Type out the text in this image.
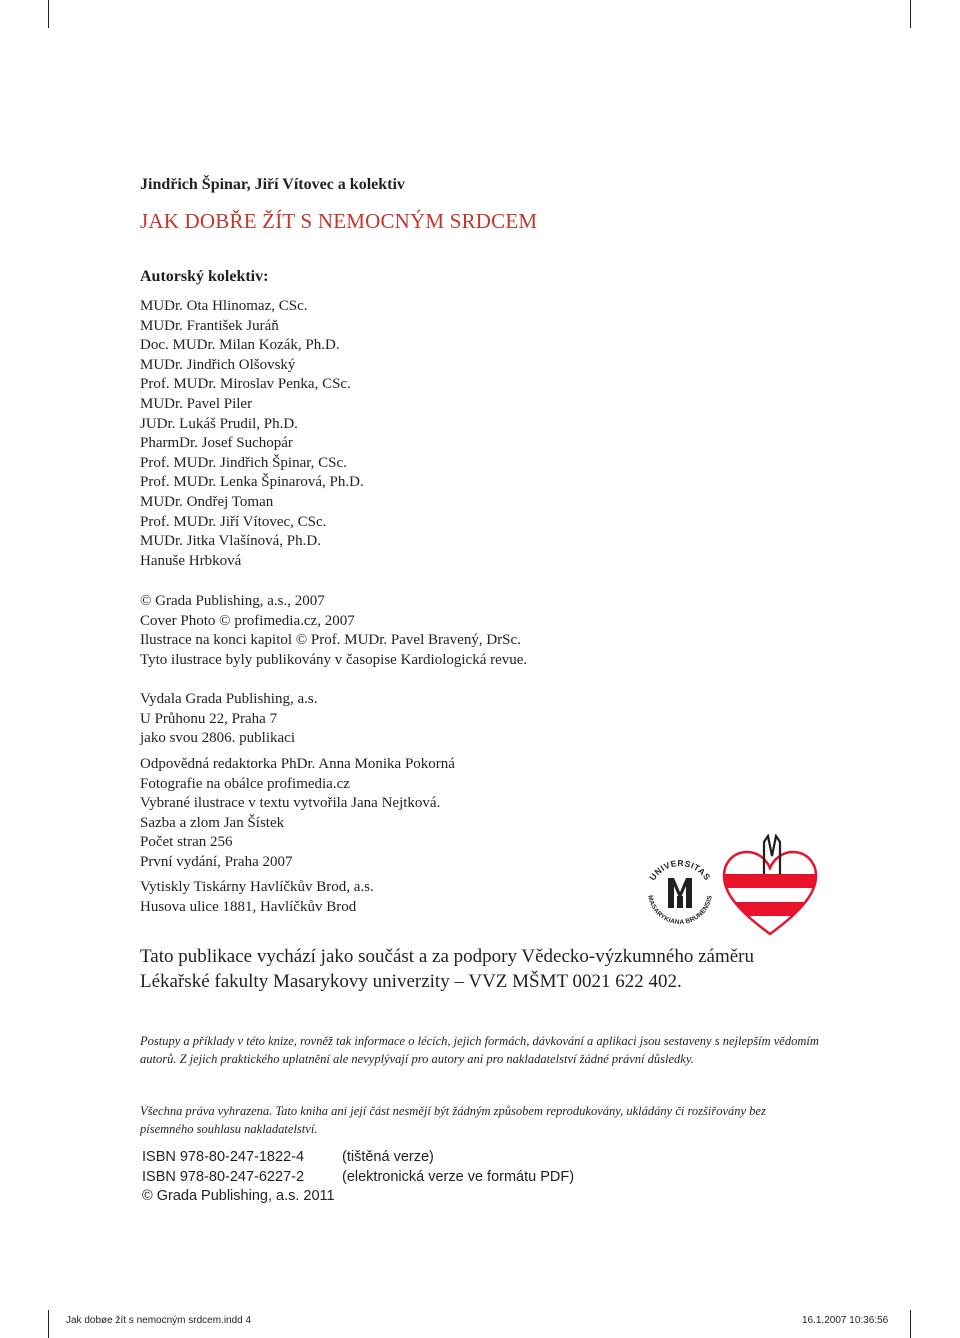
Jindřich Špinar, Jiří Vítovec a kolektiv
JAK DOBŘE ŽÍT S NEMOCNÝM SRDCEM
Autorský kolektiv:
MUDr. Ota Hlinomaz, CSc.
MUDr. František Juráň
Doc. MUDr. Milan Kozák, Ph.D.
MUDr. Jindřich Olšovský
Prof. MUDr. Miroslav Penka, CSc.
MUDr. Pavel Piler
JUDr. Lukáš Prudil, Ph.D.
PharmDr. Josef Suchopár
Prof. MUDr. Jindřich Špinar, CSc.
Prof. MUDr. Lenka Špinarová, Ph.D.
MUDr. Ondřej Toman
Prof. MUDr. Jiří Vítovec, CSc.
MUDr. Jitka Vlašínová, Ph.D.
Hanuše Hrbková
© Grada Publishing, a.s., 2007
Cover Photo © profimedia.cz, 2007
Ilustrace na konci kapitol © Prof. MUDr. Pavel Bravený, DrSc.
Tyto ilustrace byly publikovány v časopise Kardiologická revue.
Vydala Grada Publishing, a.s.
U Průhonu 22, Praha 7
jako svou 2806. publikaci
Odpovědná redaktorka PhDr. Anna Monika Pokorná
Fotografie na obálce profimedia.cz
Vybrané ilustrace v textu vytvořila Jana Nejtková.
Sazba a zlom Jan Šístek
Počet stran 256
První vydání, Praha 2007
Vytiskly Tiskárny Havlíčkův Brod, a.s.
Husova ulice 1881, Havlíčkův Brod
UNIVERSITAS
MASARYKIANA BRUNENSIS
Tato publikace vychází jako součást a za podpory Vědecko-výzkumného záměru
Lékařské fakulty Masarykovy univerzity – VVZ MŠMT 0021 622 402.
Postupy a příklady v této knize, rovněž tak informace o lécích, jejich formách, dávkování a aplikaci jsou sestaveny s nejlepším vědomím autorů. Z jejich praktického uplatnění ale nevyplývají pro autory ani pro nakladatelství žádné právní důsledky.
Všechna práva vyhrazena. Tato kniha ani její část nesmějí být žádným způsobem reprodukovány, ukládány či rozšiřovány bez písemného souhlasu nakladatelství.
ISBN 978-80-247-1822-4	(tištěná verze)
ISBN 978-80-247-6227-2	(elektronická verze ve formátu PDF)
© Grada Publishing, a.s. 2011
Jak dobøe žít s nemocným srdcem.indd 4	16.1.2007 10:36:56
